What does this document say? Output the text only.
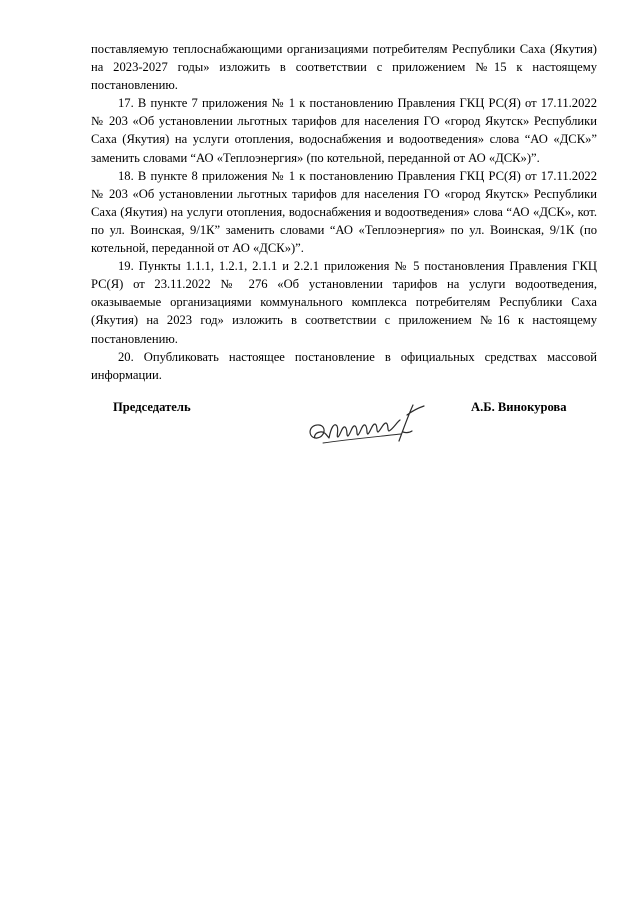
поставляемую теплоснабжающими организациями потребителям Республики Саха (Якутия) на 2023-2027 годы» изложить в соответствии с приложением №15 к настоящему постановлению.

17. В пункте 7 приложения № 1 к постановлению Правления ГКЦ РС(Я) от 17.11.2022 № 203 «Об установлении льготных тарифов для населения ГО «город Якутск» Республики Саха (Якутия) на услуги отопления, водоснабжения и водоотведения» слова “АО «ДСК»” заменить словами “АО «Теплоэнергия» (по котельной, переданной от АО «ДСК»)”.

18. В пункте 8 приложения № 1 к постановлению Правления ГКЦ РС(Я) от 17.11.2022 № 203 «Об установлении льготных тарифов для населения ГО «город Якутск» Республики Саха (Якутия) на услуги отопления, водоснабжения и водоотведения» слова “АО «ДСК», кот. по ул. Воинская, 9/1К” заменить словами “АО «Теплоэнергия» по ул. Воинская, 9/1К (по котельной, переданной от АО «ДСК»)”.

19. Пункты 1.1.1, 1.2.1, 2.1.1 и 2.2.1 приложения № 5 постановления Правления ГКЦ РС(Я) от 23.11.2022 № 276 «Об установлении тарифов на услуги водоотведения, оказываемые организациями коммунального комплекса потребителям Республики Саха (Якутия) на 2023 год» изложить в соответствии с приложением №16 к настоящему постановлению.

20. Опубликовать настоящее постановление в официальных средствах массовой информации.

Председатель	А.Б. Винокурова
